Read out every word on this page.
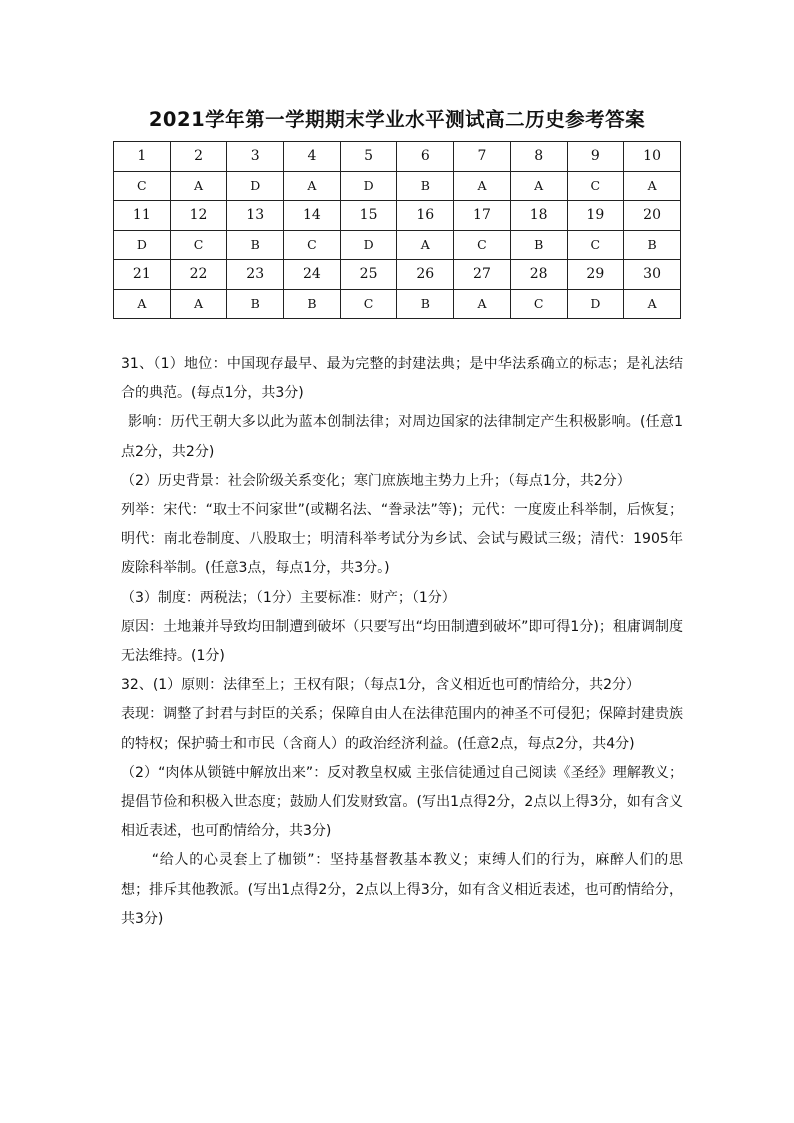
2021学年第一学期期末学业水平测试高二历史参考答案
1	2	3	4	5	6	7	8	9	10
C	A	D	A	D	B	A	A	C	A
11	12	13	14	15	16	17	18	19	20
D	C	B	C	D	A	C	B	C	B
21	22	23	24	25	26	27	28	29	30
A	A	B	B	C	B	A	C	D	A

31、（1）地位：中国现存最早、最为完整的封建法典；是中华法系确立的标志；是礼法结合的典范。(每点1分，共3分)

影响：历代王朝大多以此为蓝本创制法律；对周边国家的法律制定产生积极影响。(任意1点2分，共2分)

（2）历史背景：社会阶级关系变化；寒门庶族地主势力上升；（每点1分，共2分）

列举：宋代：“取士不问家世”(或糊名法、“誊录法”等)；元代：一度废止科举制，后恢复；明代：南北卷制度、八股取士；明清科举考试分为乡试、会试与殿试三级；清代：1905年废除科举制。(任意3点，每点1分，共3分。)

（3）制度：两税法；（1分）主要标准：财产；（1分）

原因：土地兼并导致均田制遭到破坏（只要写出“均田制遭到破坏”即可得1分)；租庸调制度无法维持。(1分)

32、(1）原则：法律至上；王权有限；（每点1分，含义相近也可酌情给分，共2分）

表现：调整了封君与封臣的关系；保障自由人在法律范围内的神圣不可侵犯；保障封建贵族的特权；保护骑士和市民（含商人）的政治经济利益。(任意2点，每点2分，共4分)

（2）“肉体从锁链中解放出来”：反对教皇权威 主张信徒通过自己阅读《圣经》理解教义；提倡节俭和积极入世态度；鼓励人们发财致富。(写出1点得2分，2点以上得3分，如有含义相近表述，也可酌情给分，共3分)

“给人的心灵套上了枷锁”：坚持基督教基本教义；束缚人们的行为，麻醉人们的思想；排斥其他教派。(写出1点得2分，2点以上得3分，如有含义相近表述，也可酌情给分，共3分)
